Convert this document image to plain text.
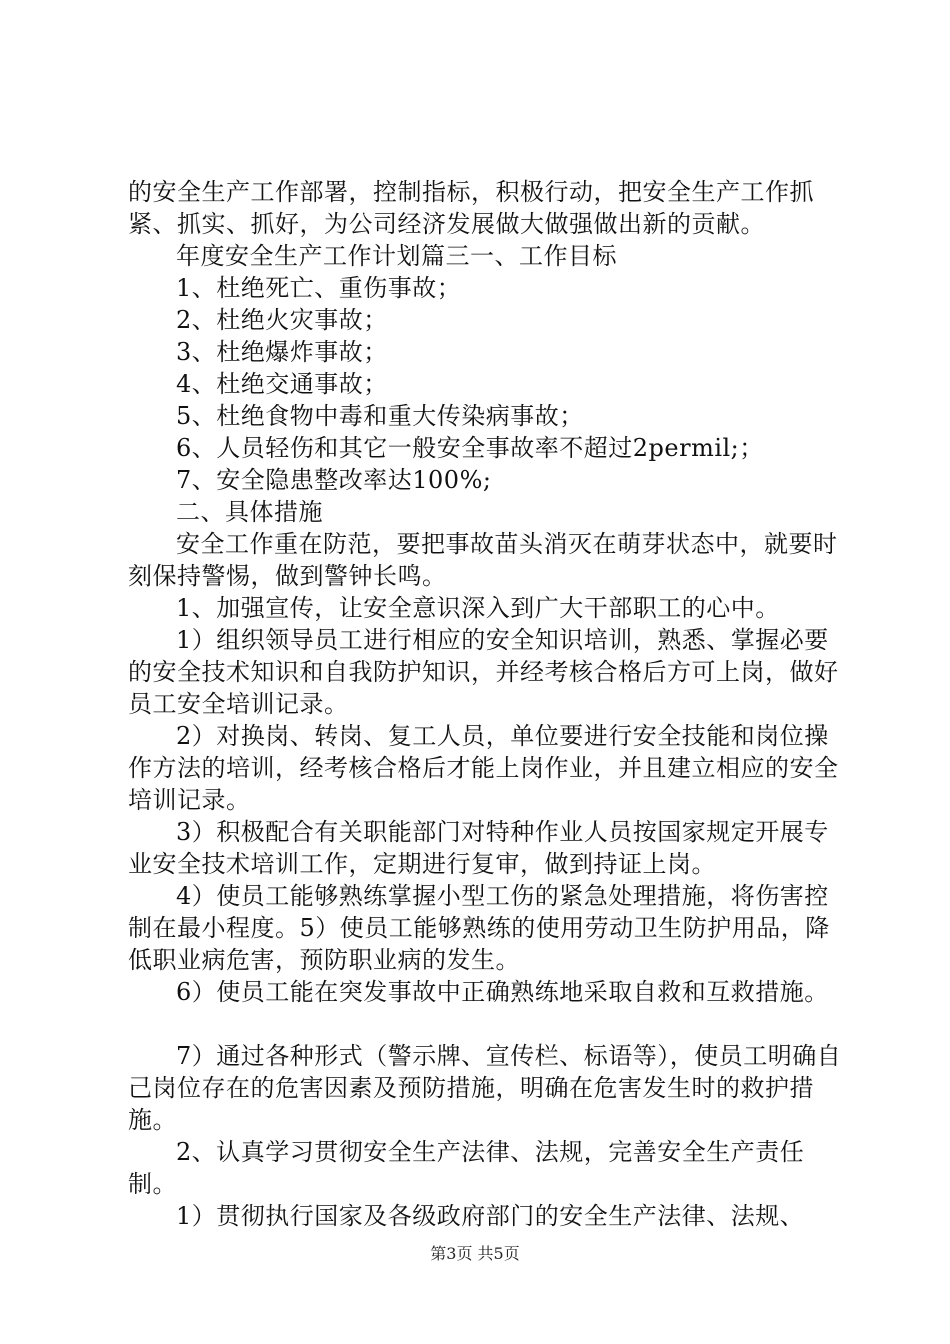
的安全生产工作部署，控制指标，积极行动，把安全生产工作抓紧、抓实、抓好，为公司经济发展做大做强做出新的贡献。

年度安全生产工作计划篇三一、工作目标

1、杜绝死亡、重伤事故；

2、杜绝火灾事故；

3、杜绝爆炸事故；

4、杜绝交通事故；

5、杜绝食物中毒和重大传染病事故；

6、人员轻伤和其它一般安全事故率不超过2permil;；

7、安全隐患整改率达100%;

二、具体措施

安全工作重在防范，要把事故苗头消灭在萌芽状态中，就要时刻保持警惕，做到警钟长鸣。

1、加强宣传，让安全意识深入到广大干部职工的心中。

1）组织领导员工进行相应的安全知识培训，熟悉、掌握必要的安全技术知识和自我防护知识，并经考核合格后方可上岗，做好员工安全培训记录。

2）对换岗、转岗、复工人员，单位要进行安全技能和岗位操作方法的培训，经考核合格后才能上岗作业，并且建立相应的安全培训记录。

3）积极配合有关职能部门对特种作业人员按国家规定开展专业安全技术培训工作，定期进行复审，做到持证上岗。

4）使员工能够熟练掌握小型工伤的紧急处理措施，将伤害控制在最小程度。5）使员工能够熟练的使用劳动卫生防护用品，降低职业病危害，预防职业病的发生。

6）使员工能在突发事故中正确熟练地采取自救和互救措施。

7）通过各种形式（警示牌、宣传栏、标语等），使员工明确自己岗位存在的危害因素及预防措施，明确在危害发生时的救护措施。

2、认真学习贯彻安全生产法律、法规，完善安全生产责任制。

1）贯彻执行国家及各级政府部门的安全生产法律、法规、

第3页 共5页
